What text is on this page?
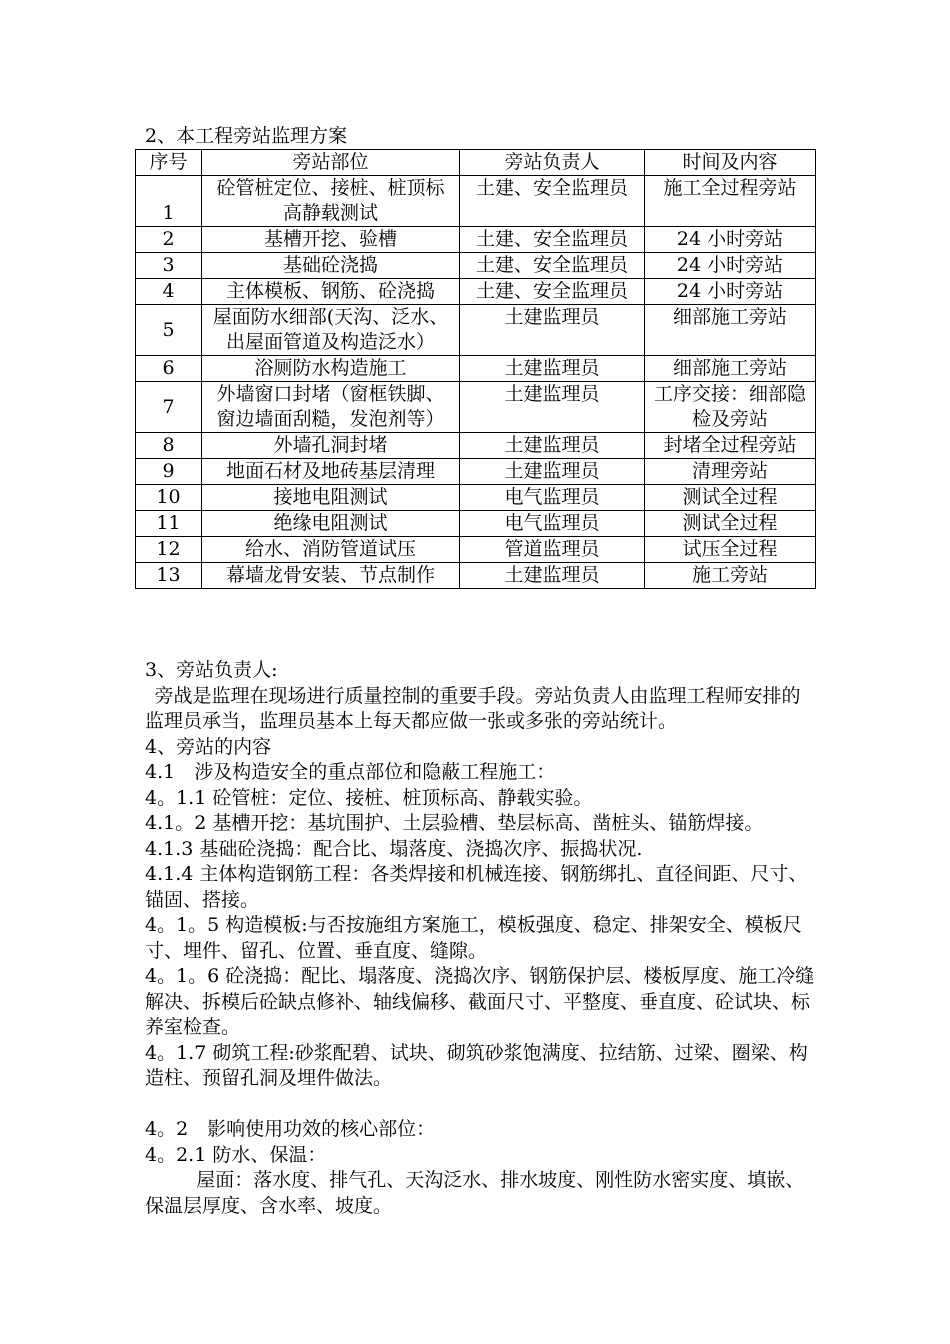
2、本工程旁站监理方案
序号	旁站部位	旁站负责人	时间及内容
1	砼管桩定位、接桩、桩顶标高静载测试	土建、安全监理员	施工全过程旁站
2	基槽开挖、验槽	土建、安全监理员	24 小时旁站
3	基础砼浇捣	土建、安全监理员	24 小时旁站
4	主体模板、钢筋、砼浇捣	土建、安全监理员	24 小时旁站
5	屋面防水细部(天沟、泛水、出屋面管道及构造泛水）	土建监理员	细部施工旁站
6	浴厕防水构造施工	土建监理员	细部施工旁站
7	外墙窗口封堵（窗框铁脚、窗边墙面刮糙，发泡剂等）	土建监理员	工序交接：细部隐检及旁站
8	外墙孔洞封堵	土建监理员	封堵全过程旁站
9	地面石材及地砖基层清理	土建监理员	清理旁站
10	接地电阻测试	电气监理员	测试全过程
11	绝缘电阻测试	电气监理员	测试全过程
12	给水、消防管道试压	管道监理员	试压全过程
13	幕墙龙骨安装、节点制作	土建监理员	施工旁站

3、旁站负责人:

旁战是监理在现场进行质量控制的重要手段。旁站负责人由监理工程师安排的监理员承当，监理员基本上每天都应做一张或多张的旁站统计。

4、旁站的内容

4.1　涉及构造安全的重点部位和隐蔽工程施工：

4。1.1 砼管桩：定位、接桩、桩顶标高、静载实验。

4.1。2 基槽开挖：基坑围护、土层验槽、垫层标高、凿桩头、锚筋焊接。

4.1.3 基础砼浇捣：配合比、塌落度、浇捣次序、振捣状况.

4.1.4 主体构造钢筋工程：各类焊接和机械连接、钢筋绑扎、直径间距、尺寸、锚固、搭接。

4。1。5 构造模板:与否按施组方案施工，模板强度、稳定、排架安全、模板尺寸、埋件、留孔、位置、垂直度、缝隙。

4。1。6 砼浇捣：配比、塌落度、浇捣次序、钢筋保护层、楼板厚度、施工冷缝解决、拆模后砼缺点修补、轴线偏移、截面尺寸、平整度、垂直度、砼试块、标养室检查。

4。1.7 砌筑工程:砂浆配碧、试块、砌筑砂浆饱满度、拉结筋、过梁、圈梁、构造柱、预留孔洞及埋件做法。

4。2　影响使用功效的核心部位：

4。2.1 防水、保温：

屋面：落水度、排气孔、天沟泛水、排水坡度、刚性防水密实度、填嵌、保温层厚度、含水率、坡度。
